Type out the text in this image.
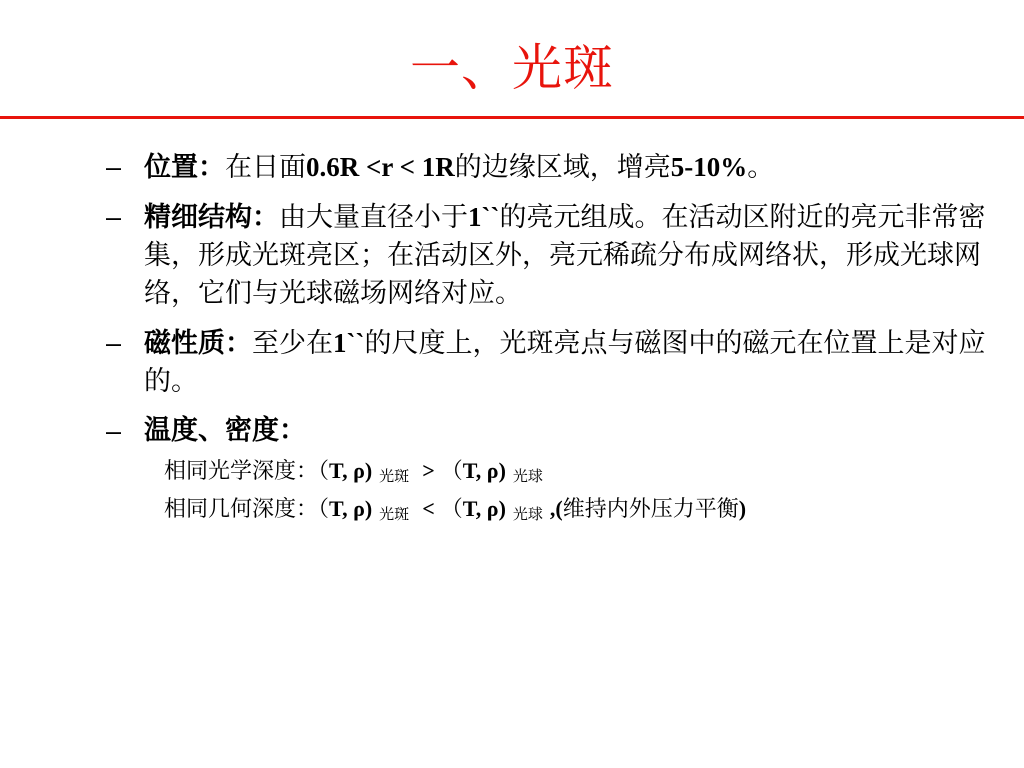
一、光斑
– 位置：在日面0.6R <r < 1R的边缘区域，增亮5-10%。
– 精细结构：由大量直径小于1``的亮元组成。在活动区附近的亮元非常密集，形成光斑亮区；在活动区外，亮元稀疏分布成网络状，形成光球网络，它们与光球磁场网络对应。
– 磁性质：至少在1``的尺度上，光斑亮点与磁图中的磁元在位置上是对应的。
– 温度、密度：
相同光学深度：（T, ρ) 光斑 > （T, ρ) 光球
相同几何深度：（T, ρ) 光斑 < （T, ρ) 光球 ,(维持内外压力平衡)
